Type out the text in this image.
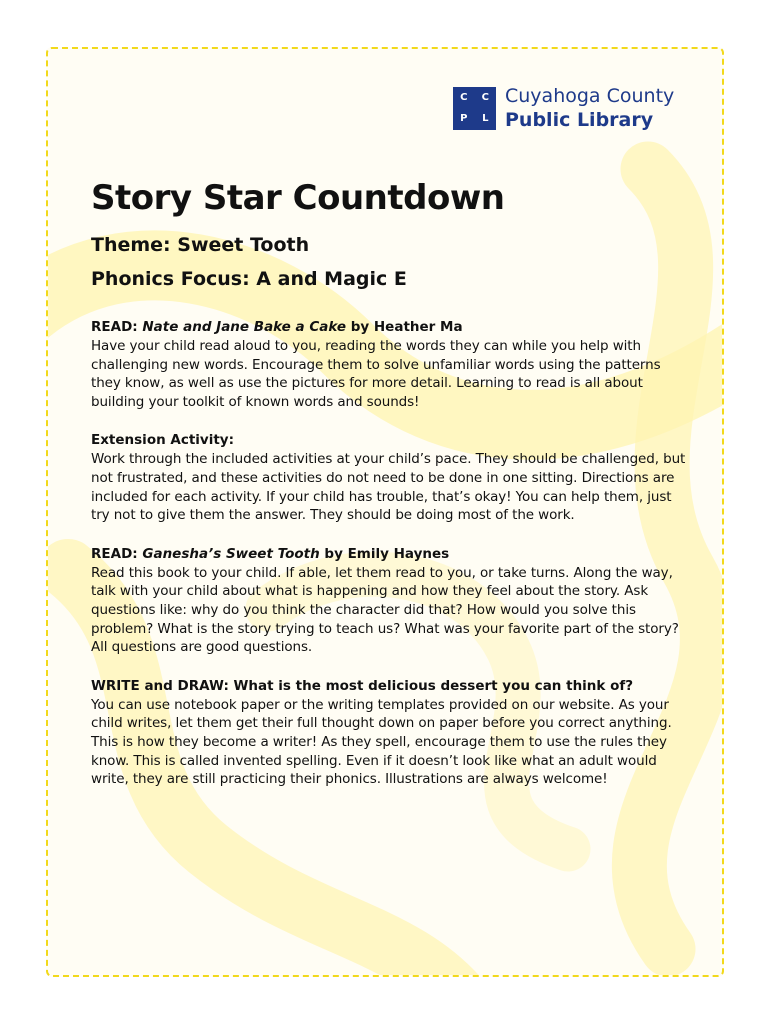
C	C
P	L
Cuyahoga County
Public Library
Story Star Countdown

Theme: Sweet Tooth

Phonics Focus: A and Magic E

READ: Nate and Jane Bake a Cake by Heather Ma

Have your child read aloud to you, reading the words they can while you help with challenging new words. Encourage them to solve unfamiliar words using the patterns they know, as well as use the pictures for more detail. Learning to read is all about building your toolkit of known words and sounds!

Extension Activity:

Work through the included activities at your child’s pace. They should be challenged, but not frustrated, and these activities do not need to be done in one sitting. Directions are included for each activity. If your child has trouble, that’s okay! You can help them, just try not to give them the answer. They should be doing most of the work.

READ: Ganesha’s Sweet Tooth by Emily Haynes

Read this book to your child. If able, let them read to you, or take turns. Along the way, talk with your child about what is happening and how they feel about the story. Ask questions like: why do you think the character did that? How would you solve this problem? What is the story trying to teach us? What was your favorite part of the story? All questions are good questions.

WRITE and DRAW: What is the most delicious dessert you can think of?

You can use notebook paper or the writing templates provided on our website. As your child writes, let them get their full thought down on paper before you correct anything. This is how they become a writer! As they spell, encourage them to use the rules they know. This is called invented spelling. Even if it doesn’t look like what an adult would write, they are still practicing their phonics. Illustrations are always welcome!
